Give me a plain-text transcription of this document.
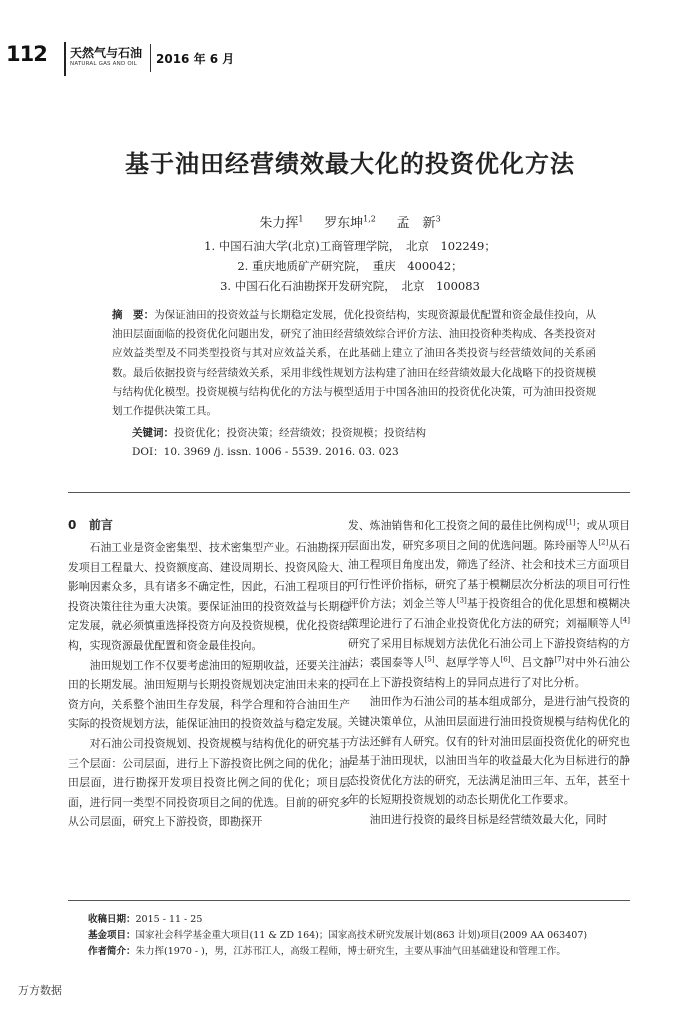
112 天然气与石油
NATURAL GAS AND OIL 2016 年 6 月
基于油田经营绩效最大化的投资优化方法
朱力挥$^1$ 罗东坤$^{1,2}$ 孟　新$^3$
1. 中国石油大学(北京)工商管理学院，　北京　102249；
2. 重庆地质矿产研究院，　重庆　400042；
3. 中国石化石油勘探开发研究院，　北京　100083
摘　要：为保证油田的投资效益与长期稳定发展，优化投资结构，实现资源最优配置和资金最佳投向，从油田层面面临的投资优化问题出发，研究了油田经营绩效综合评价方法、油田投资种类构成、各类投资对应效益类型及不同类型投资与其对应效益关系，在此基础上建立了油田各类投资与经营绩效间的关系函数。最后依据投资与经营绩效关系，采用非线性规划方法构建了油田在经营绩效最大化战略下的投资规模与结构优化模型。投资规模与结构优化的方法与模型适用于中国各油田的投资优化决策，可为油田投资规划工作提供决策工具。
关键词：投资优化；投资决策；经营绩效；投资规模；投资结构
DOI：10. 3969 /j. issn. 1006 - 5539. 2016. 03. 023
0 前言

石油工业是资金密集型、技术密集型产业。石油勘探开发项目工程量大、投资额度高、建设周期长、投资风险大、影响因素众多，具有诸多不确定性，因此，石油工程项目的投资决策往往为重大决策。要保证油田的投资效益与长期稳定发展，就必须慎重选择投资方向及投资规模，优化投资结构，实现资源最优配置和资金最佳投向。

油田规划工作不仅要考虑油田的短期收益，还要关注油田的长期发展。油田短期与长期投资规划决定油田未来的投资方向，关系整个油田生存发展，科学合理和符合油田生产实际的投资规划方法，能保证油田的投资效益与稳定发展。

对石油公司投资规划、投资规模与结构优化的研究基于三个层面：公司层面，进行上下游投资比例之间的优化；油田层面，进行勘探开发项目投资比例之间的优化；项目层面，进行同一类型不同投资项目之间的优选。目前的研究多从公司层面，研究上下游投资，即勘探开

发、炼油销售和化工投资之间的最佳比例构成[1]；或从项目层面出发，研究多项目之间的优选问题。陈玲丽等人[2]从石油工程项目角度出发，筛选了经济、社会和技术三方面项目可行性评价指标，研究了基于模糊层次分析法的项目可行性评价方法；刘金兰等人[3]基于投资组合的优化思想和模糊决策理论进行了石油企业投资优化方法的研究；刘福顺等人[4]研究了采用目标规划方法优化石油公司上下游投资结构的方法；裘国泰等人[5]、赵厚学等人[6]、吕文静[7]对中外石油公司在上下游投资结构上的异同点进行了对比分析。

油田作为石油公司的基本组成部分，是进行油气投资的关键决策单位，从油田层面进行油田投资规模与结构优化的方法还鲜有人研究。仅有的针对油田层面投资优化的研究也是基于油田现状，以油田当年的收益最大化为目标进行的静态投资优化方法的研究，无法满足油田三年、五年，甚至十年的长短期投资规划的动态长期优化工作要求。

油田进行投资的最终目标是经营绩效最大化，同时

收稿日期：2015 - 11 - 25
基金项目：国家社会科学基金重大项目(11 & ZD 164)；国家高技术研究发展计划(863 计划)项目(2009 AA 063407)
作者简介：朱力挥(1970 - )，男，江苏邗江人，高级工程师，博士研究生，主要从事油气田基础建设和管理工作。
万方数据
